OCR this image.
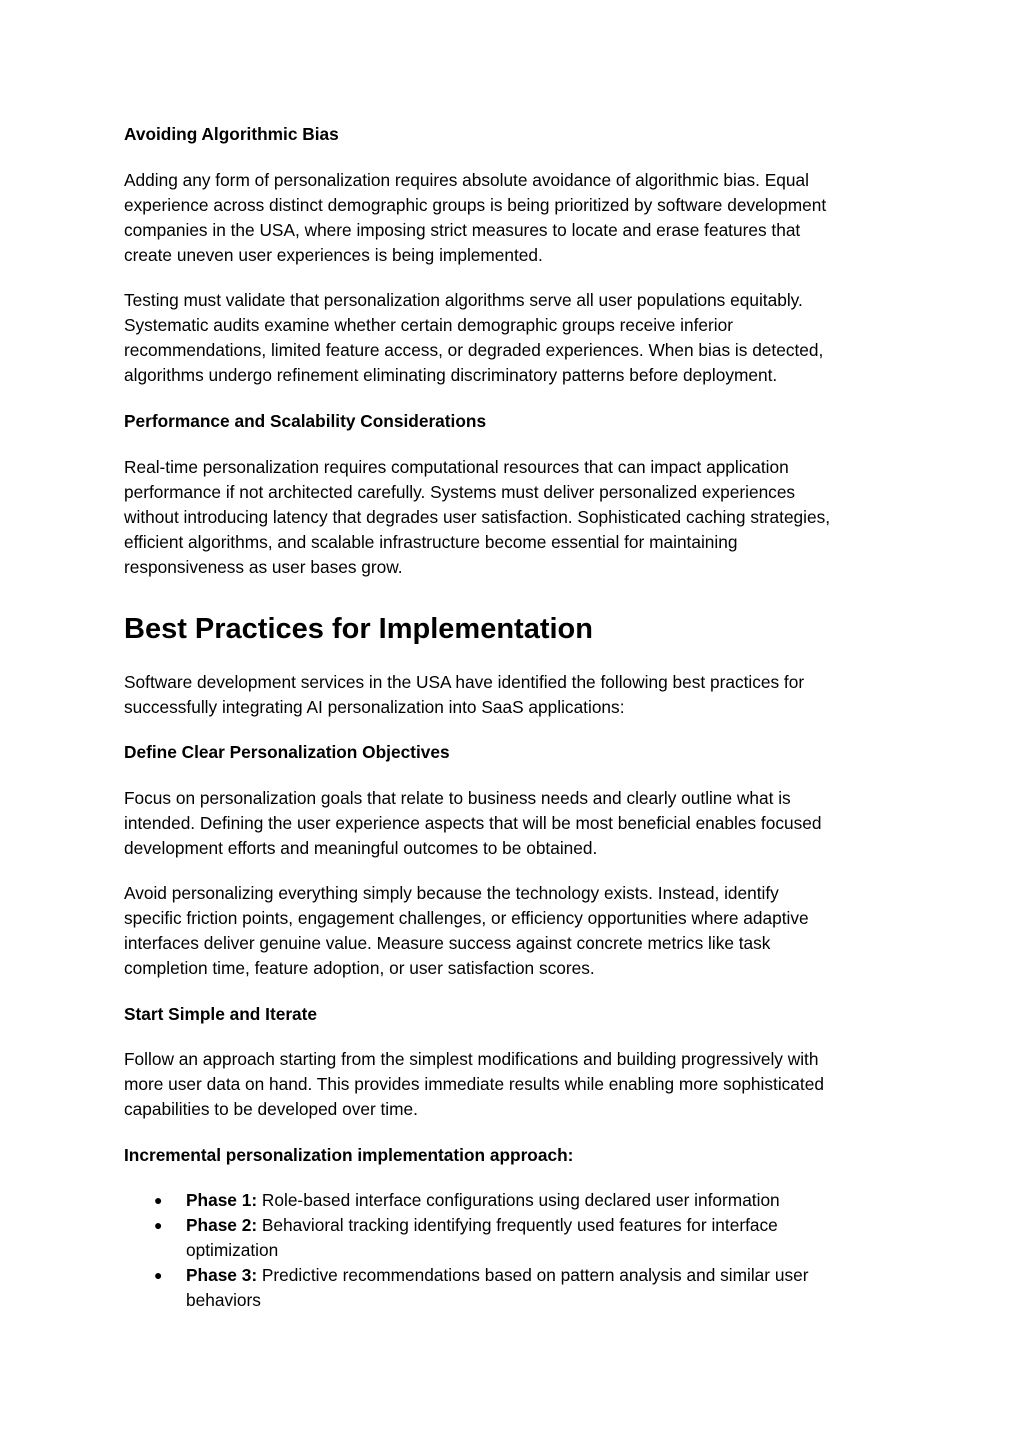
Avoiding Algorithmic Bias

Adding any form of personalization requires absolute avoidance of algorithmic bias. Equal
experience across distinct demographic groups is being prioritized by software development
companies in the USA, where imposing strict measures to locate and erase features that
create uneven user experiences is being implemented.

Testing must validate that personalization algorithms serve all user populations equitably.
Systematic audits examine whether certain demographic groups receive inferior
recommendations, limited feature access, or degraded experiences. When bias is detected,
algorithms undergo refinement eliminating discriminatory patterns before deployment.

Performance and Scalability Considerations

Real-time personalization requires computational resources that can impact application
performance if not architected carefully. Systems must deliver personalized experiences
without introducing latency that degrades user satisfaction. Sophisticated caching strategies,
efficient algorithms, and scalable infrastructure become essential for maintaining
responsiveness as user bases grow.

Best Practices for Implementation

Software development services in the USA have identified the following best practices for
successfully integrating AI personalization into SaaS applications:

Define Clear Personalization Objectives

Focus on personalization goals that relate to business needs and clearly outline what is
intended. Defining the user experience aspects that will be most beneficial enables focused
development efforts and meaningful outcomes to be obtained.

Avoid personalizing everything simply because the technology exists. Instead, identify
specific friction points, engagement challenges, or efficiency opportunities where adaptive
interfaces deliver genuine value. Measure success against concrete metrics like task
completion time, feature adoption, or user satisfaction scores.

Start Simple and Iterate

Follow an approach starting from the simplest modifications and building progressively with
more user data on hand. This provides immediate results while enabling more sophisticated
capabilities to be developed over time.

Incremental personalization implementation approach:
● Phase 1: Role-based interface configurations using declared user information
● Phase 2: Behavioral tracking identifying frequently used features for interface
optimization
● Phase 3: Predictive recommendations based on pattern analysis and similar user
behaviors
